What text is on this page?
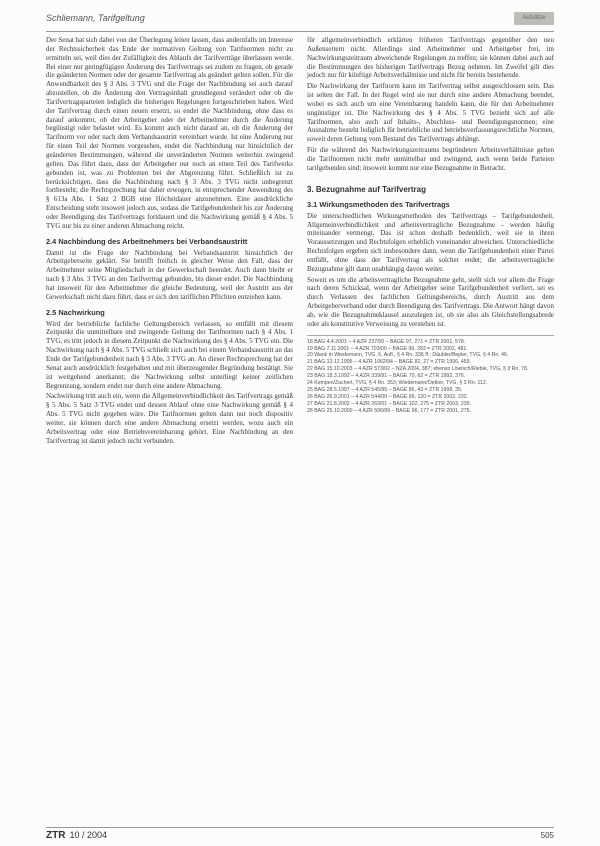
Schliemann, Tarifgeltung	Aufsätze

Der Senat hat sich dabei von der Überlegung leiten lassen, dass andernfalls im Interesse der Rechtssicherheit das Ende der normativen Geltung von Tarifnormen nicht zu ermitteln sei, weil dies der Zufälligkeit des Ablaufs der Tarifverträge überlassen werde. Bei einer nur geringfügigen Änderung des Tarifvertrags sei zudem zu fragen, ob gerade die geänderten Normen oder der gesamte Tarifvertrag als geändert gelten sollen. Für die Anwendbarkeit des § 3 Abs. 3 TVG und die Frage der Nachbindung sei auch darauf abzustellen, ob die Änderung den Vertragsinhalt grundlegend verändert oder ob die Tarifvertragsparteien lediglich die bisherigen Regelungen fortgeschrieben haben. Wird der Tarifvertrag durch einen neuen ersetzt, so endet die Nachbindung, ohne dass es darauf ankommt, ob der Arbeitgeber oder der Arbeitnehmer durch die Änderung begünstigt oder belastet wird. Es kommt auch nicht darauf an, ob die Änderung der Tarifnorm vor oder nach dem Verbandsaustritt vereinbart wurde. Ist eine Änderung nur für einen Teil der Normen vorgesehen, endet die Nachbindung nur hinsichtlich der geänderten Bestimmungen, während die unveränderten Normen weiterhin zwingend gelten. Das führt dazu, dass der Arbeitgeber nur noch an einen Teil des Tarifwerks gebunden ist, was zu Problemen bei der Abgrenzung führt. Schließlich ist zu berücksichtigen, dass die Nachbindung nach § 3 Abs. 3 TVG nicht unbegrenzt fortbesteht; die Rechtsprechung hat daher erwogen, in entsprechender Anwendung des § 613a Abs. 1 Satz 2 BGB eine Höchstdauer anzunehmen. Eine ausdrückliche Entscheidung steht insoweit jedoch aus, sodass die Tarifgebundenheit bis zur Änderung oder Beendigung des Tarifvertrags fortdauert und die Nachwirkung gemäß § 4 Abs. 5 TVG nur bis zu einer anderen Abmachung reicht.

2.4 Nachbindung des Arbeitnehmers bei Verbandsaustritt

Damit ist die Frage der Nachbindung bei Verbandsaustritt hinsichtlich der Arbeitgeberseite geklärt. Sie betrifft freilich in gleicher Weise den Fall, dass der Arbeitnehmer seine Mitgliedschaft in der Gewerkschaft beendet. Auch dann bleibt er nach § 3 Abs. 3 TVG an den Tarifvertrag gebunden, bis dieser endet. Die Nachbindung hat insoweit für den Arbeitnehmer die gleiche Bedeutung, weil der Austritt aus der Gewerkschaft nicht dazu führt, dass er sich den tariflichen Pflichten entziehen kann.

2.5 Nachwirkung

Wird der betriebliche fachliche Geltungsbereich verlassen, so entfällt mit diesem Zeitpunkt die unmittelbare und zwingende Geltung der Tarifnormen nach § 4 Abs. 1 TVG, es tritt jedoch in diesem Zeitpunkt die Nachwirkung des § 4 Abs. 5 TVG ein. Die Nachwirkung nach § 4 Abs. 5 TVG schließt sich auch bei einem Verbandsaustritt an das Ende der Tarifgebundenheit nach § 3 Abs. 3 TVG an. An dieser Rechtsprechung hat der Senat auch ausdrücklich festgehalten und mit überzeugender Begründung bestätigt. Sie ist weitgehend anerkannt; die Nachwirkung selbst unterliegt keiner zeitlichen Begrenzung, sondern endet nur durch eine andere Abmachung.

Nachwirkung tritt auch ein, wenn die Allgemeinverbindlichkeit des Tarifvertrags gemäß § 5 Abs. 5 Satz 3 TVG endet und dessen Ablauf ohne eine Nachwirkung gemäß § 4 Abs. 5 TVG nicht gegeben wäre. Die Tarifnormen gelten dann nur noch dispositiv weiter, sie können durch eine andere Abmachung ersetzt werden, wozu auch ein Arbeitsvertrag oder eine Betriebsvereinbarung gehört. Eine Nachbindung an den Tarifvertrag ist damit jedoch nicht verbunden.

für allgemeinverbindlich erklärten früheren Tarifvertrags gegenüber den neu Außenseitern nicht. Allerdings sind Arbeitnehmer und Arbeitgeber frei, im Nachwirkungszeitraum abweichende Regelungen zu treffen; sie können dabei auch auf die Bestimmungen des bisherigen Tarifvertrags Bezug nehmen. Im Zweifel gilt dies jedoch nur für künftige Arbeitsverhältnisse und nicht für bereits bestehende.

Die Nachwirkung der Tarifnorm kann im Tarifvertrag selbst ausgeschlossen sein. Das ist selten der Fall. In der Regel wird sie nur durch eine andere Abmachung beendet, wobei es sich auch um eine Vereinbarung handeln kann, die für den Arbeitnehmer ungünstiger ist. Die Nachwirkung des § 4 Abs. 5 TVG bezieht sich auf alle Tarifnormen, also auch auf Inhalts-, Abschluss- und Beendigungsnormen; eine Ausnahme besteht lediglich für betriebliche und betriebsverfassungsrechtliche Normen, soweit deren Geltung vom Bestand des Tarifvertrags abhängt.

Für die während des Nachwirkungszeitraums begründeten Arbeitsverhältnisse gelten die Tarifnormen nicht mehr unmittelbar und zwingend, auch wenn beide Parteien tarifgebunden sind; insoweit kommt nur eine Bezugnahme in Betracht.

3. Bezugnahme auf Tarifvertrag
3.1 Wirkungsmethoden des Tarifvertrags

Die unterschiedlichen Wirkungsmethoden des Tarifvertrags – Tarifgebundenheit, Allgemeinverbindlichkeit und arbeitsvertragliche Bezugnahme – werden häufig miteinander vermengt. Das ist schon deshalb bedenklich, weil sie in ihren Voraussetzungen und Rechtsfolgen erheblich voneinander abweichen. Unterschiedliche Rechtsfolgen ergeben sich insbesondere dann, wenn die Tarifgebundenheit einer Partei entfällt, ohne dass der Tarifvertrag als solcher endet; die arbeitsvertragliche Bezugnahme gilt dann unabhängig davon weiter.

Soweit es um die arbeitsvertragliche Bezugnahme geht, stellt sich vor allem die Frage nach deren Schicksal, wenn der Arbeitgeber seine Tarifgebundenheit verliert, sei es durch Verlassen des fachlichen Geltungsbereichs, durch Austritt aus dem Arbeitgeberverband oder durch Beendigung des Tarifvertrags. Die Antwort hängt davon ab, wie die Bezugnahmeklausel auszulegen ist, ob sie also als Gleichstellungsabrede oder als konstitutive Verweisung zu verstehen ist.

18 BAG 4.4.2001 – 4 AZR 237/00 – BAGE 97, 271 = ZTR 2001, 578.
19 BAG 7.11.2001 – 4 AZR 703/00 – BAGE 99, 283 = ZTR 2002, 481.
20 Wank in Wiedemann, TVG, 6. Aufl., § 4 Rn. 336 ff.; Däubler/Bepler, TVG, § 4 Rn. 46.
21 BAG 13.12.1995 – 4 AZR 1062/94 – BAGE 82, 27 = ZTR 1996, 459.
22 BAG 15.10.2003 – 4 AZR 573/02 – NZA 2004, 387; ebenso Löwisch/Rieble, TVG, § 3 Rn. 78.
23 BAG 18.3.1992 – 4 AZR 339/91 – BAGE 70, 62 = ZTR 1992, 376.
24 Kempen/Zachert, TVG, § 4 Rn. 353; Wiedemann/Oetker, TVG, § 3 Rn. 112.
25 BAG 28.5.1997 – 4 AZR 545/95 – BAGE 86, 43 = ZTR 1998, 35.
26 BAG 26.9.2001 – 4 AZR 544/00 – BAGE 99, 120 = ZTR 2002, 232.
27 BAG 21.8.2002 – 4 AZR 263/01 – BAGE 102, 275 = ZTR 2003, 239.
28 BAG 25.10.2000 – 4 AZR 506/99 – BAGE 96, 177 = ZTR 2001, 275.
ZTR 10 / 2004	505
